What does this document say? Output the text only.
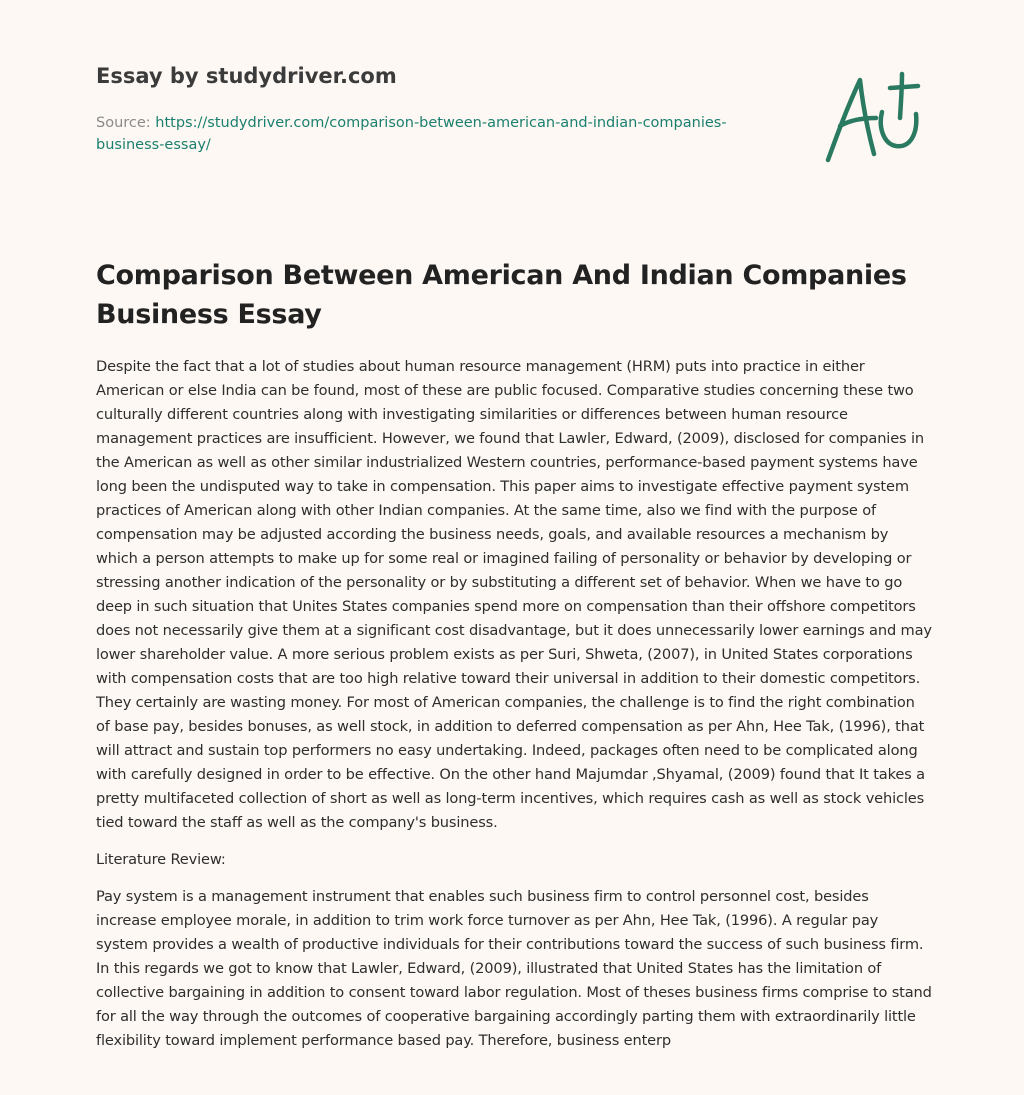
Essay by studydriver.com
Source: https://studydriver.com/comparison-between-american-and-indian-companies-business-essay/
Comparison Between American And Indian Companies Business Essay

Despite the fact that a lot of studies about human resource management (HRM) puts into practice in either American or else India can be found, most of these are public focused. Comparative studies concerning these two culturally different countries along with investigating similarities or differences between human resource management practices are insufficient. However, we found that Lawler, Edward, (2009), disclosed for companies in the American as well as other similar industrialized Western countries, performance-based payment systems have long been the undisputed way to take in compensation. This paper aims to investigate effective payment system practices of American along with other Indian companies. At the same time, also we find with the purpose of compensation may be adjusted according the business needs, goals, and available resources a mechanism by which a person attempts to make up for some real or imagined failing of personality or behavior by developing or stressing another indication of the personality or by substituting a different set of behavior. When we have to go deep in such situation that Unites States companies spend more on compensation than their offshore competitors does not necessarily give them at a significant cost disadvantage, but it does unnecessarily lower earnings and may lower shareholder value. A more serious problem exists as per Suri, Shweta, (2007), in United States corporations with compensation costs that are too high relative toward their universal in addition to their domestic competitors. They certainly are wasting money. For most of American companies, the challenge is to find the right combination of base pay, besides bonuses, as well stock, in addition to deferred compensation as per Ahn, Hee Tak, (1996), that will attract and sustain top performers no easy undertaking. Indeed, packages often need to be complicated along with carefully designed in order to be effective. On the other hand Majumdar ,Shyamal, (2009) found that It takes a pretty multifaceted collection of short as well as long-term incentives, which requires cash as well as stock vehicles tied toward the staff as well as the company's business.

Literature Review:

Pay system is a management instrument that enables such business firm to control personnel cost, besides increase employee morale, in addition to trim work force turnover as per Ahn, Hee Tak, (1996). A regular pay system provides a wealth of productive individuals for their contributions toward the success of such business firm. In this regards we got to know that Lawler, Edward, (2009), illustrated that United States has the limitation of collective bargaining in addition to consent toward labor regulation. Most of theses business firms comprise to stand for all the way through the outcomes of cooperative bargaining accordingly parting them with extraordinarily little flexibility toward implement performance based pay. Therefore, business enterp
